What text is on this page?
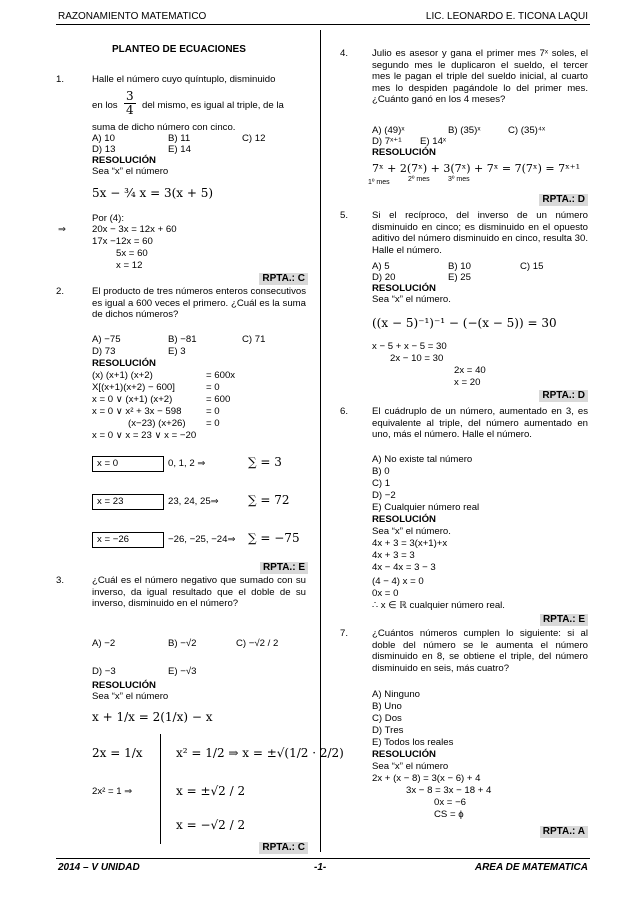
RAZONAMIENTO MATEMATICO	LIC. LEONARDO E. TICONA LAQUI
PLANTEO DE ECUACIONES
1.	Halle el número cuyo quíntuplo, disminuido
en los $\frac{3}{4}$ del mismo, es igual al triple, de la
suma de dicho número con cinco.
A) 10	B) 11	C) 12
D) 13	E) 14
RESOLUCIÓN
Sea “x” el número
5x − ¾ x = 3(x + 5)
Por (4):
⇒	20x − 3x = 12x + 60
17x −12x = 60
5x = 60
x = 12
RPTA.: C
2.	El producto de tres números enteros consecutivos es igual a 600 veces el primero. ¿Cuál es la suma de dichos números?
A) −75	B) −81	C) 71
D) 73	E) 3
RESOLUCIÓN
(x) (x+1) (x+2)	= 600x
X[(x+1)(x+2) − 600]	= 0
x = 0 ∨ (x+1) (x+2)	= 600
x = 0 ∨ x² + 3x − 598	= 0
(x−23) (x+26) = 0
x = 0 ∨ x = 23 ∨ x = −20
x = 0	0, 1, 2 ⇒	∑ = 3
x = 23	23, 24, 25⇒ ∑ = 72
x = −26	−26, −25, −24⇒ ∑ = −75
RPTA.: E
3.	¿Cuál es el número negativo que sumado con su inverso, da igual resultado que el doble de su inverso, disminuido en el número?
A) −2	B) −√2	C) −√2 / 2
D) −3	E) −√3
RESOLUCIÓN
Sea “x” el número
x + 1/x = 2(1/x) − x
2x = 1/x	x² = 1/2 ⇒ x = ±√(1/2 · 2/2)
2x² = 1 ⇒	x = ±√2 / 2
x = −√2 / 2
RPTA.: C
4. Julio es asesor y gana el primer mes 7ˣ soles, el segundo mes le duplicaron el sueldo, el tercer mes le pagan el triple del sueldo inicial, al cuarto mes lo despiden pagándole lo del primer mes. ¿Cuánto ganó en los 4 meses?
A) (49)ˣ	B) (35)ˣ	C) (35)⁴ˣ
D) 7ˣ⁺¹ E) 14ˣ
RESOLUCIÓN
7ˣ + 2(7ˣ) + 3(7ˣ) + 7ˣ = 7(7ˣ) = 7ˣ⁺¹
1º mes	2º mes	3º mes
RPTA.: D
5. Si el recíproco, del inverso de un número disminuido en cinco; es disminuido en el opuesto aditivo del número disminuido en cinco, resulta 30. Halle el número.
A) 5	B) 10	C) 15
D) 20	E) 25
RESOLUCIÓN
Sea “x” el número.
((x − 5)⁻¹)⁻¹ − (−(x − 5)) = 30
x − 5 + x − 5 = 30
2x − 10 = 30
2x = 40
x = 20
RPTA.: D
6. El cuádruplo de un número, aumentado en 3, es equivalente al triple, del número aumentado en uno, más el número. Halle el número.
A) No existe tal número
B) 0
C) 1
D) −2
E) Cualquier número real
RESOLUCIÓN
Sea “x” el número.
4x + 3 = 3(x+1)+x
4x + 3 = 3
4x − 4x = 3 − 3
(4 − 4) x = 0
0x = 0
∴ x ∈ ℝ cualquier número real.
RPTA.: E
7. ¿Cuántos números cumplen lo siguiente: si al doble del número se le aumenta el número disminuido en 8, se obtiene el triple, del número disminuido en seis, más cuatro?
A) Ninguno
B) Uno
C) Dos
D) Tres
E) Todos los reales
RESOLUCIÓN
Sea “x” el número
2x + (x − 8) = 3(x − 6) + 4
3x − 8 = 3x − 18 + 4
0x = −6
CS = ϕ
RPTA.: A
2014 – V UNIDAD	-1-	AREA DE MATEMATICA
